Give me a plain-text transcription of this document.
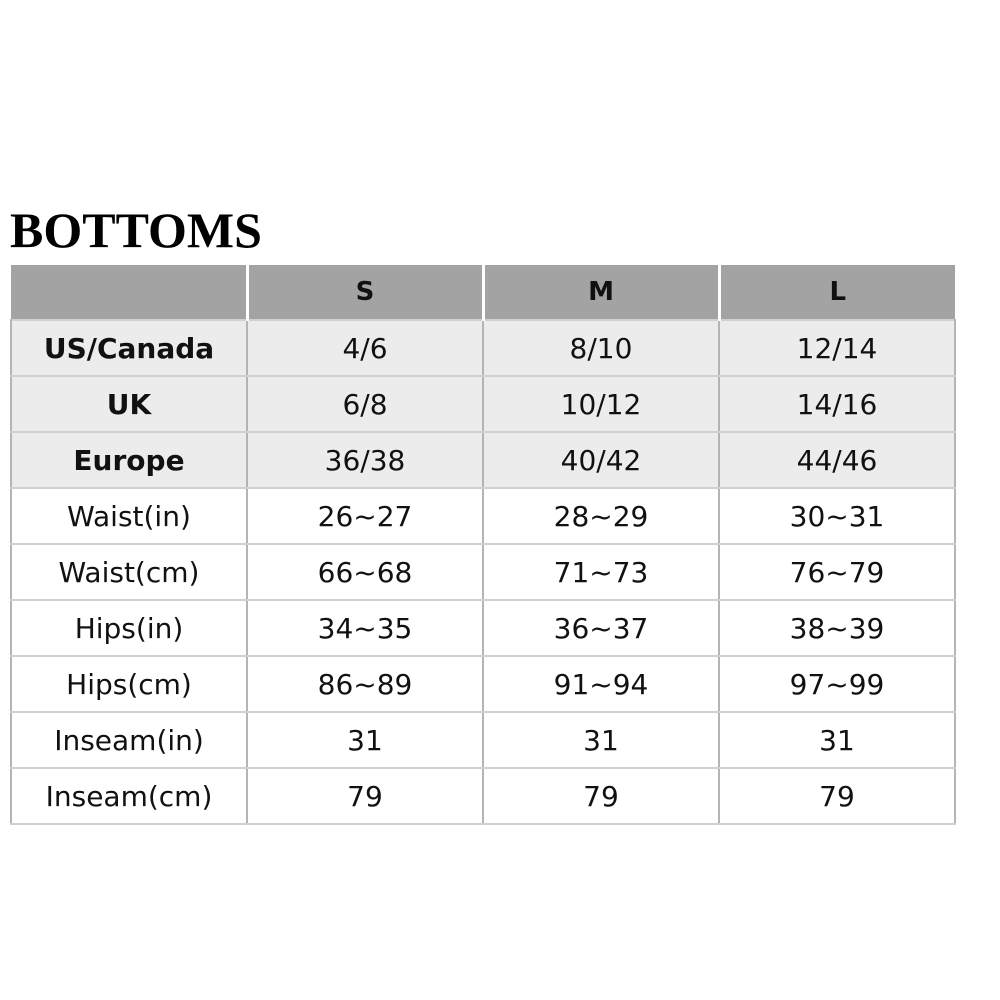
BOTTOMS
	S	M	L
US/Canada	4/6	8/10	12/14
UK	6/8	10/12	14/16
Europe	36/38	40/42	44/46
Waist(in)	26~27	28~29	30~31
Waist(cm)	66~68	71~73	76~79
Hips(in)	34~35	36~37	38~39
Hips(cm)	86~89	91~94	97~99
Inseam(in)	31	31	31
Inseam(cm)	79	79	79
